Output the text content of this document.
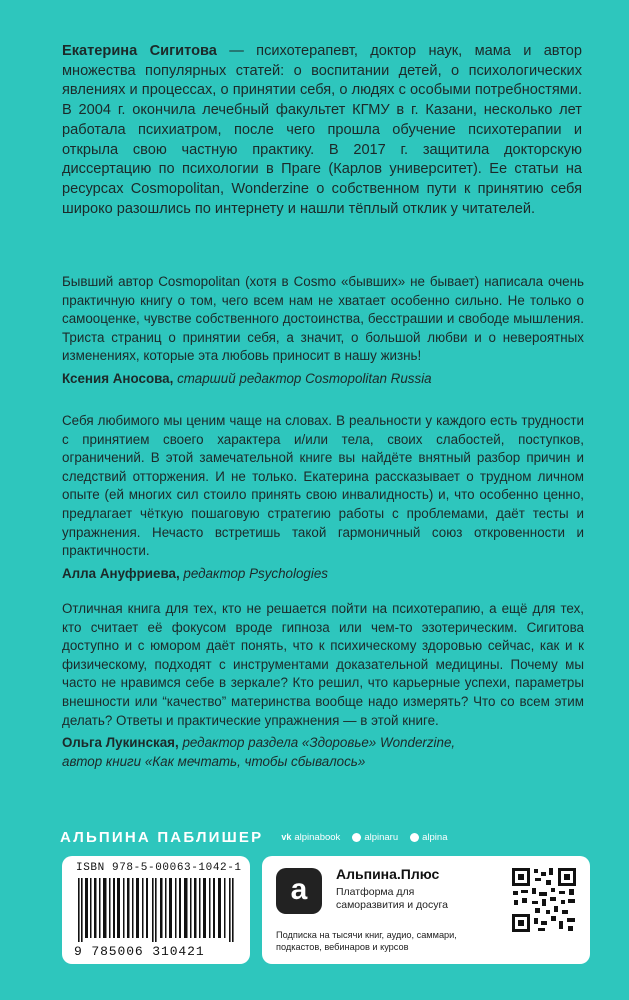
Екатерина Сигитова — психотерапевт, доктор наук, мама и автор множества популярных статей: о воспитании детей, о психологических явлениях и процессах, о принятии себя, о людях с особыми потребностями. В 2004 г. окончила лечебный факультет КГМУ в г. Казани, несколько лет работала психиатром, после чего прошла обучение психотерапии и открыла свою частную практику. В 2017 г. защитила докторскую диссертацию по психологии в Праге (Карлов университет). Ее статьи на ресурсах Cosmopolitan, Wonderzine о собственном пути к принятию себя широко разошлись по интернету и нашли тёплый отклик у читателей.

Бывший автор Cosmopolitan (хотя в Cosmo «бывших» не бывает) написала очень практичную книгу о том, чего всем нам не хватает особенно сильно. Не только о самооценке, чувстве собственного достоинства, бесстрашии и свободе мышления. Триста страниц о принятии себя, а значит, о большой любви и о невероятных изменениях, которые эта любовь приносит в нашу жизнь!

Ксения Аносова, старший редактор Cosmopolitan Russia

Себя любимого мы ценим чаще на словах. В реальности у каждого есть трудности с принятием своего характера и/или тела, своих слабостей, поступков, ограничений. В этой замечательной книге вы найдёте внятный разбор причин и следствий отторжения. И не только. Екатерина рассказывает о трудном личном опыте (ей многих сил стоило принять свою инвалидность) и, что особенно ценно, предлагает чёткую пошаговую стратегию работы с проблемами, даёт тесты и упражнения. Нечасто встретишь такой гармоничный союз откровенности и практичности.

Алла Ануфриева, редактор Psychologies

Отличная книга для тех, кто не решается пойти на психотерапию, а ещё для тех, кто считает её фокусом вроде гипноза или чем-то эзотерическим. Сигитова доступно и с юмором даёт понять, что к психическому здоровью сейчас, как и к физическому, подходят с инструментами доказательной медицины. Почему мы часто не нравимся себе в зеркале? Кто решил, что карьерные успехи, параметры внешности или “качество” материнства вообще надо измерять? Что со всем этим делать? Ответы и практические упражнения — в этой книге.

Ольга Лукинская, редактор раздела «Здоровье» Wonderzine,
автор книги «Как мечтать, чтобы сбывалось»

АЛЬПИНА ПАБЛИШЕР vk alpinabook	alpinaru	alpina
ISBN 978-5-00063-1042-1
9 785006 310421
a	Альпина.Плюс
Платформа для саморазвития и досуга
Подписка на тысячи книг, аудио, саммари, подкастов, вебинаров и курсов
